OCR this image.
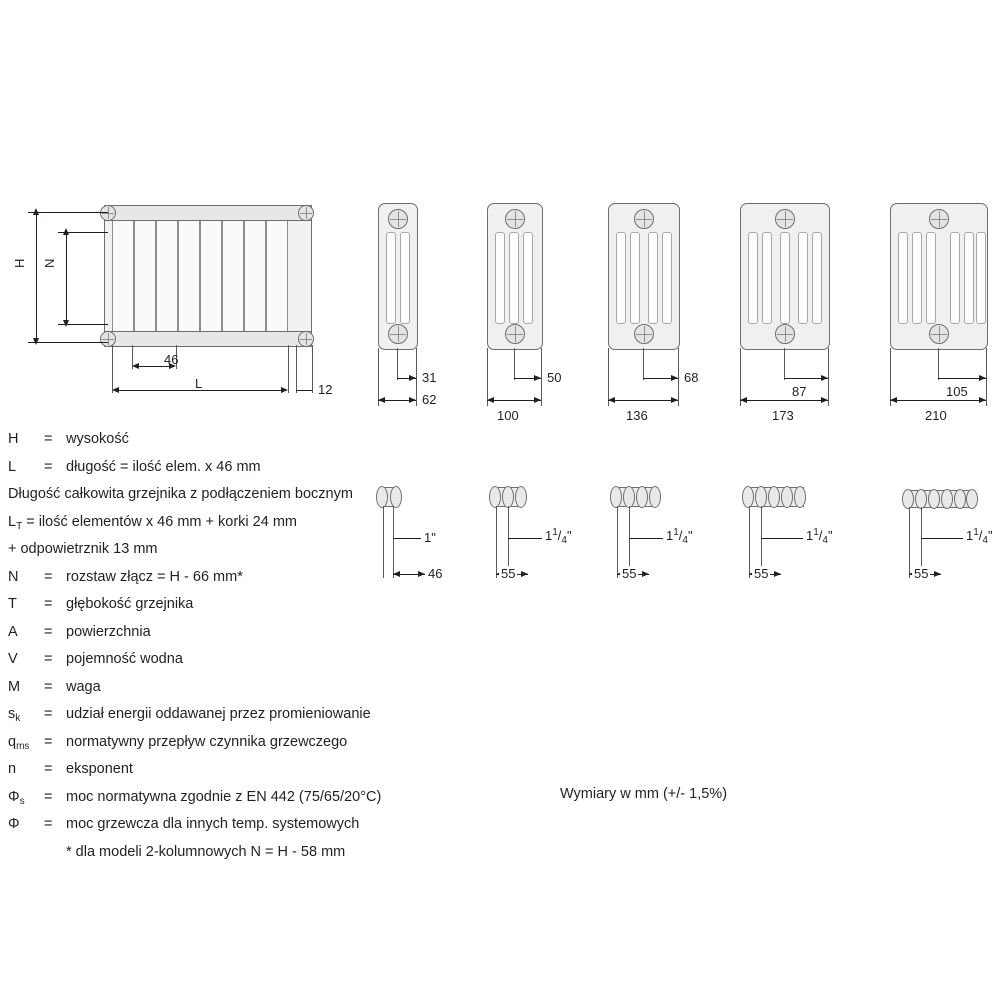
H N
46
L	12
31
62
1"
46
50
100
$1^1/_4$"
55
68
136
$1^1/_4$"
55
87
173
$1^1/_4$"
55
105
210
$1^1/_4$"
55
H	= wysokość
L	= długość = ilość elem. x 46 mm
Długość całkowita grzejnika z podłączeniem bocznym
$L_T$ = ilość elementów x 46 mm + korki 24 mm
+ odpowietrznik 13 mm
N	= rozstaw złącz = H - 66 mm*
T	= głębokość grzejnika
A	= powierzchnia
V	= pojemność wodna
M	= waga
$s_k$	= udział energii oddawanej przez promieniowanie
$q_{ms}$	= normatywny przepływ czynnika grzewczego
n	= eksponent
$\Phi_s$	= moc normatywna zgodnie z EN 442 (75/65/20°C)
Φ	= moc grzewcza dla innych temp. systemowych
* dla modeli 2-kolumnowych N = H - 58 mm
Wymiary w mm (+/- 1,5%)
